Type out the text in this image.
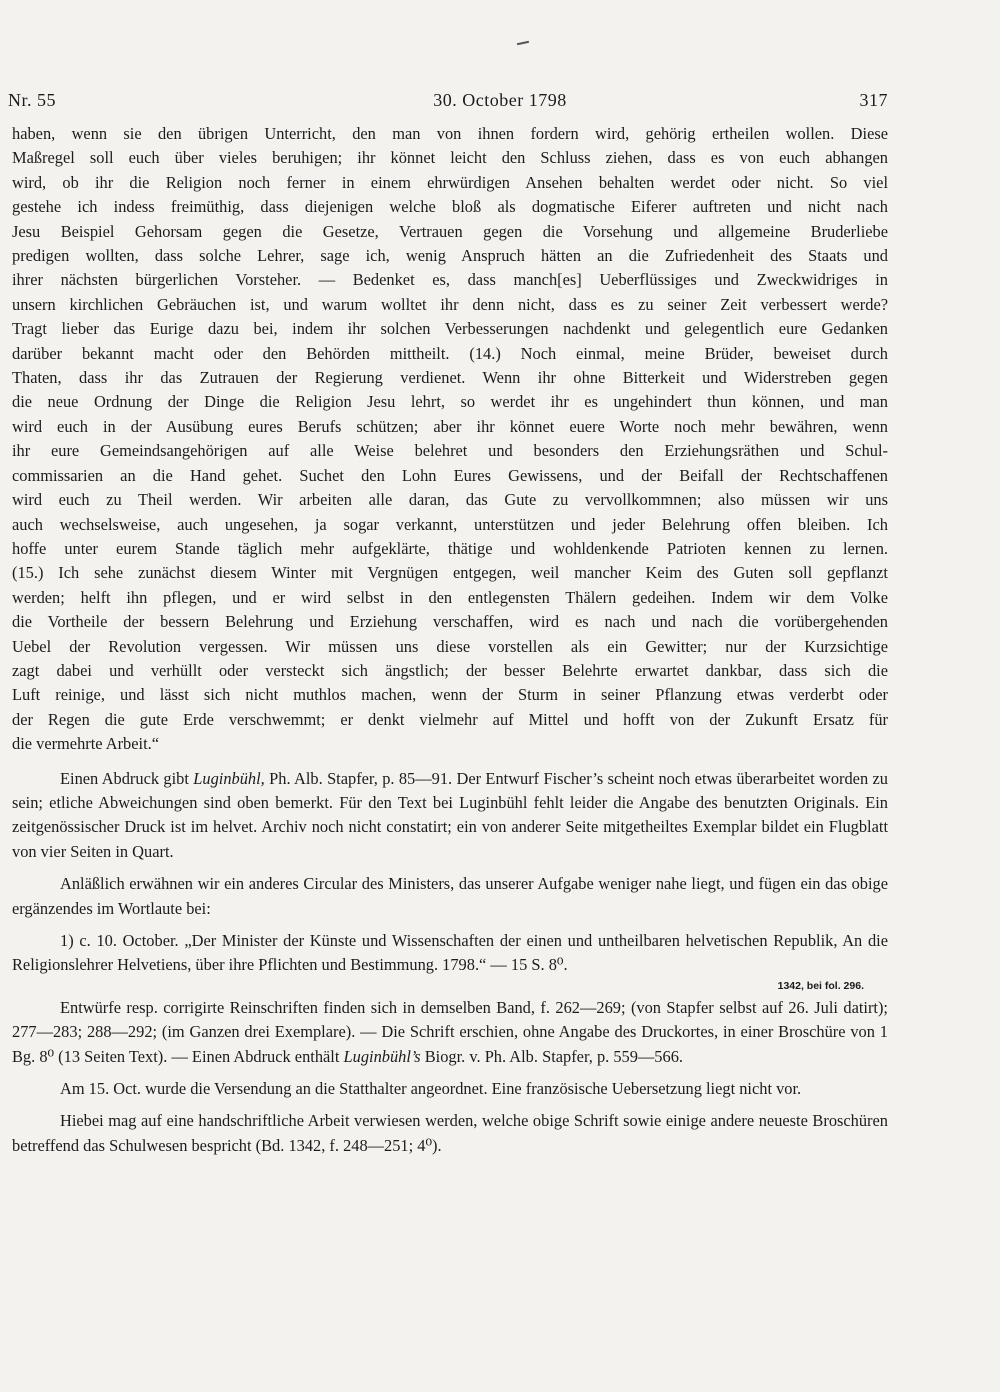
Nr. 55	30. October 1798	317

haben, wenn sie den übrigen Unterricht, den man von ihnen fordern wird, gehörig ertheilen wollen. Diese

Maßregel soll euch über vieles beruhigen; ihr könnet leicht den Schluss ziehen, dass es von euch abhangen

wird, ob ihr die Religion noch ferner in einem ehrwürdigen Ansehen behalten werdet oder nicht. So viel

gestehe ich indess freimüthig, dass diejenigen welche bloß als dogmatische Eiferer auftreten und nicht nach

Jesu Beispiel Gehorsam gegen die Gesetze, Vertrauen gegen die Vorsehung und allgemeine Bruderliebe

predigen wollten, dass solche Lehrer, sage ich, wenig Anspruch hätten an die Zufriedenheit des Staats und

ihrer nächsten bürgerlichen Vorsteher. — Bedenket es, dass manch[es] Ueberflüssiges und Zweckwidriges in

unsern kirchlichen Gebräuchen ist, und warum wolltet ihr denn nicht, dass es zu seiner Zeit verbessert werde?

Tragt lieber das Eurige dazu bei, indem ihr solchen Verbesserungen nachdenkt und gelegentlich eure Gedanken

darüber bekannt macht oder den Behörden mittheilt. (14.) Noch einmal, meine Brüder, beweiset durch

Thaten, dass ihr das Zutrauen der Regierung verdienet. Wenn ihr ohne Bitterkeit und Widerstreben gegen

die neue Ordnung der Dinge die Religion Jesu lehrt, so werdet ihr es ungehindert thun können, und man

wird euch in der Ausübung eures Berufs schützen; aber ihr könnet euere Worte noch mehr bewähren, wenn

ihr eure Gemeindsangehörigen auf alle Weise belehret und besonders den Erziehungsräthen und Schul-

commissarien an die Hand gehet. Suchet den Lohn Eures Gewissens, und der Beifall der Rechtschaffenen

wird euch zu Theil werden. Wir arbeiten alle daran, das Gute zu vervollkommnen; also müssen wir uns

auch wechselsweise, auch ungesehen, ja sogar verkannt, unterstützen und jeder Belehrung offen bleiben. Ich

hoffe unter eurem Stande täglich mehr aufgeklärte, thätige und wohldenkende Patrioten kennen zu lernen.

(15.) Ich sehe zunächst diesem Winter mit Vergnügen entgegen, weil mancher Keim des Guten soll gepflanzt

werden; helft ihn pflegen, und er wird selbst in den entlegensten Thälern gedeihen. Indem wir dem Volke

die Vortheile der bessern Belehrung und Erziehung verschaffen, wird es nach und nach die vorübergehenden

Uebel der Revolution vergessen. Wir müssen uns diese vorstellen als ein Gewitter; nur der Kurzsichtige

zagt dabei und verhüllt oder versteckt sich ängstlich; der besser Belehrte erwartet dankbar, dass sich die

Luft reinige, und lässt sich nicht muthlos machen, wenn der Sturm in seiner Pflanzung etwas verderbt oder

der Regen die gute Erde verschwemmt; er denkt vielmehr auf Mittel und hofft von der Zukunft Ersatz für

die vermehrte Arbeit.“

Einen Abdruck gibt Luginbühl, Ph. Alb. Stapfer, p. 85—91. Der Entwurf Fischer’s scheint noch etwas überarbeitet worden zu sein; etliche Abweichungen sind oben bemerkt. Für den Text bei Luginbühl fehlt leider die Angabe des benutzten Originals. Ein zeitgenössischer Druck ist im helvet. Archiv noch nicht constatirt; ein von anderer Seite mitgetheiltes Exemplar bildet ein Flugblatt von vier Seiten in Quart.

Anläßlich erwähnen wir ein anderes Circular des Ministers, das unserer Aufgabe weniger nahe liegt, und fügen ein das obige ergänzendes im Wortlaute bei:

1) c. 10. October. „Der Minister der Künste und Wissenschaften der einen und untheilbaren helvetischen Republik, An die Religionslehrer Helvetiens, über ihre Pflichten und Bestimmung. 1798.“ — 15 S. 8⁰.

1342, bei fol. 296.

Entwürfe resp. corrigirte Reinschriften finden sich in demselben Band, f. 262—269; (von Stapfer selbst auf 26. Juli datirt); 277—283; 288—292; (im Ganzen drei Exemplare). — Die Schrift erschien, ohne Angabe des Druckortes, in einer Broschüre von 1 Bg. 8⁰ (13 Seiten Text). — Einen Abdruck enthält Luginbühl’s Biogr. v. Ph. Alb. Stapfer, p. 559—566.

Am 15. Oct. wurde die Versendung an die Statthalter angeordnet. Eine französische Uebersetzung liegt nicht vor.

Hiebei mag auf eine handschriftliche Arbeit verwiesen werden, welche obige Schrift sowie einige andere neueste Broschüren betreffend das Schulwesen bespricht (Bd. 1342, f. 248—251; 4⁰).
